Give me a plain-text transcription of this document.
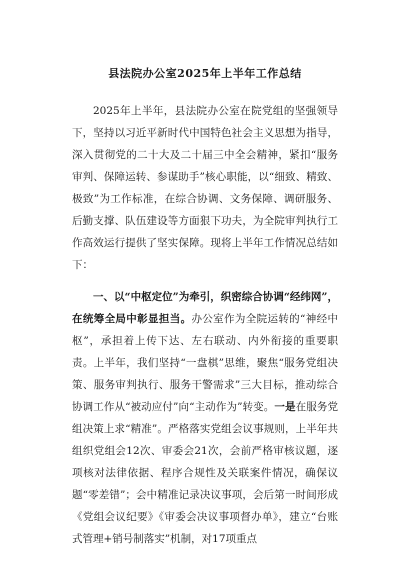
县法院办公室2025年上半年工作总结

2025年上半年，县法院办公室在院党组的坚强领导下，坚持以习近平新时代中国特色社会主义思想为指导，深入贯彻党的二十大及二十届三中全会精神，紧扣“服务审判、保障运转、参谋助手”核心职能，以“细致、精致、极致”为工作标准，在综合协调、文务保障、调研服务、后勤支撑、队伍建设等方面狠下功夫，为全院审判执行工作高效运行提供了坚实保障。现将上半年工作情况总结如下：

一、以“中枢定位”为牵引，织密综合协调“经纬网”，在统筹全局中彰显担当。办公室作为全院运转的“神经中枢”，承担着上传下达、左右联动、内外衔接的重要职责。上半年，我们坚持“一盘棋”思维，聚焦“服务党组决策、服务审判执行、服务干警需求”三大目标，推动综合协调工作从“被动应付”向“主动作为”转变。一是在服务党组决策上求“精准”。严格落实党组会议事规则，上半年共组织党组会12次、审委会21次，会前严格审核议题，逐项核对法律依据、程序合规性及关联案件情况，确保议题“零差错”；会中精准记录决议事项，会后第一时间形成《党组会议纪要》《审委会决议事项督办单》，建立“台账式管理+销号制落实”机制，对17项重点
